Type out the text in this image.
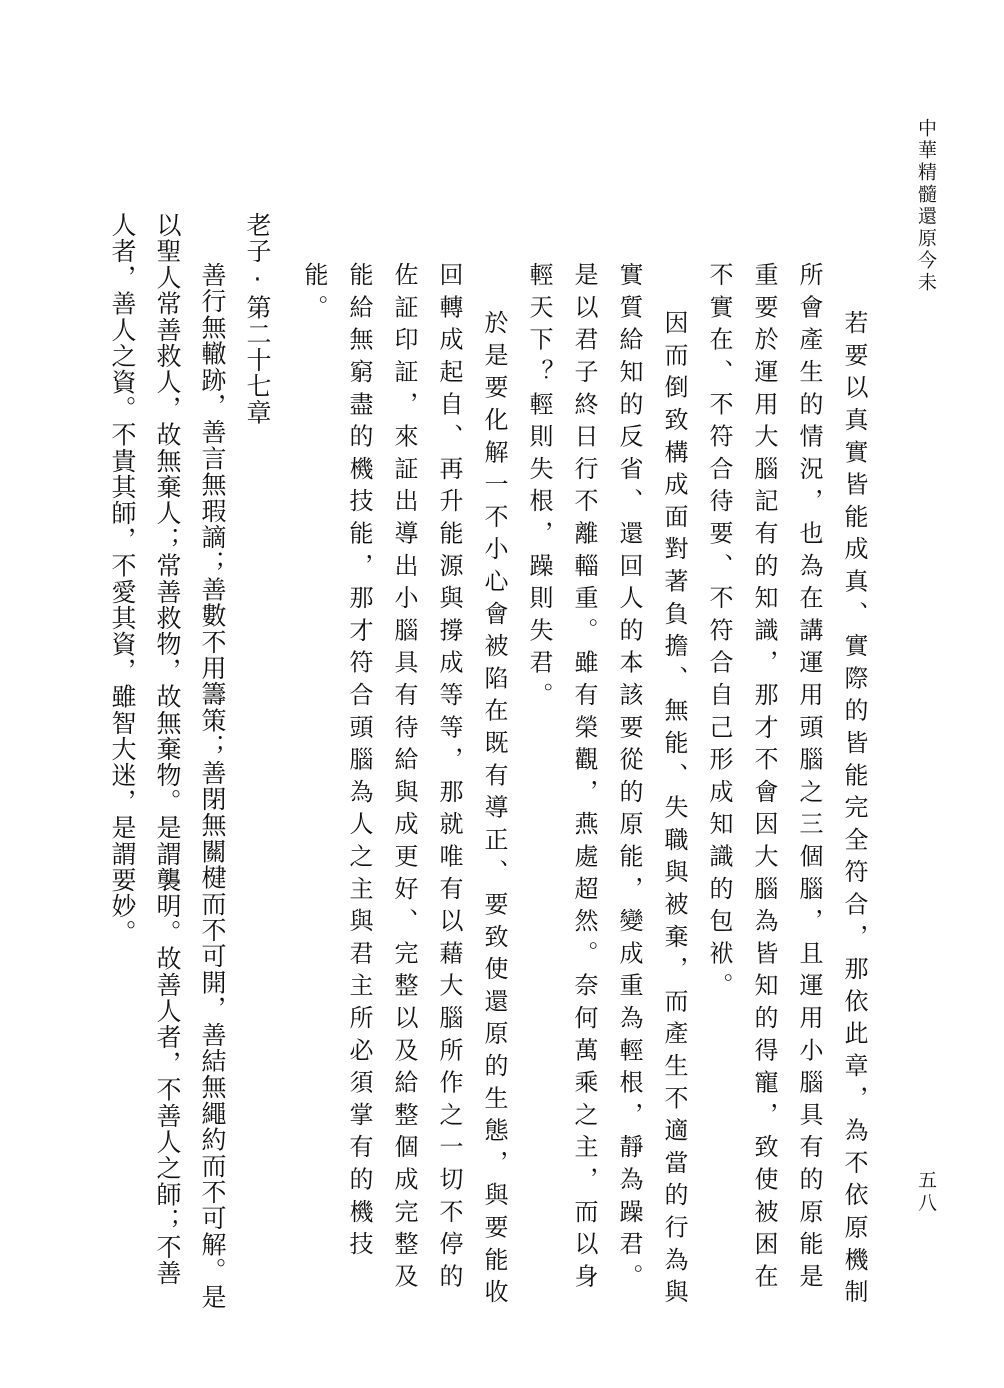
中華精髓還原今未
五八

若要以真實皆能成真、實際的皆能完全符合，那依此章，為不依原機制所會產生的情況，也為在講運用頭腦之三個腦，且運用小腦具有的原能是重要於運用大腦記有的知識，那才不會因大腦為皆知的得寵，致使被困在不實在、不符合待要、不符合自己形成知識的包袱。

因而倒致構成面對著負擔、無能、失職與被棄，而產生不適當的行為與實質給知的反省、還回人的本該要從的原能，變成重為輕根，靜為躁君。是以君子終日行不離輜重。雖有榮觀，燕處超然。奈何萬乘之主，而以身輕天下？輕則失根，躁則失君。

於是要化解一不小心會被陷在既有導正、要致使還原的生態，與要能收回轉成起自、再升能源與撐成等等，那就唯有以藉大腦所作之一切不停的佐証印証，來証出導出小腦具有待給與成更好、完整以及給整個成完整及能給無窮盡的機技能，那才符合頭腦為人之主與君主所必須掌有的機技能。

老子·第二十七章

善行無轍跡，善言無瑕謫；善數不用籌策；善閉無關楗而不可開，善結無繩約而不可解。是以聖人常善救人，故無棄人；常善救物，故無棄物。是謂襲明。故善人者，不善人之師；不善人者，善人之資。不貴其師，不愛其資，雖智大迷，是謂要妙。
